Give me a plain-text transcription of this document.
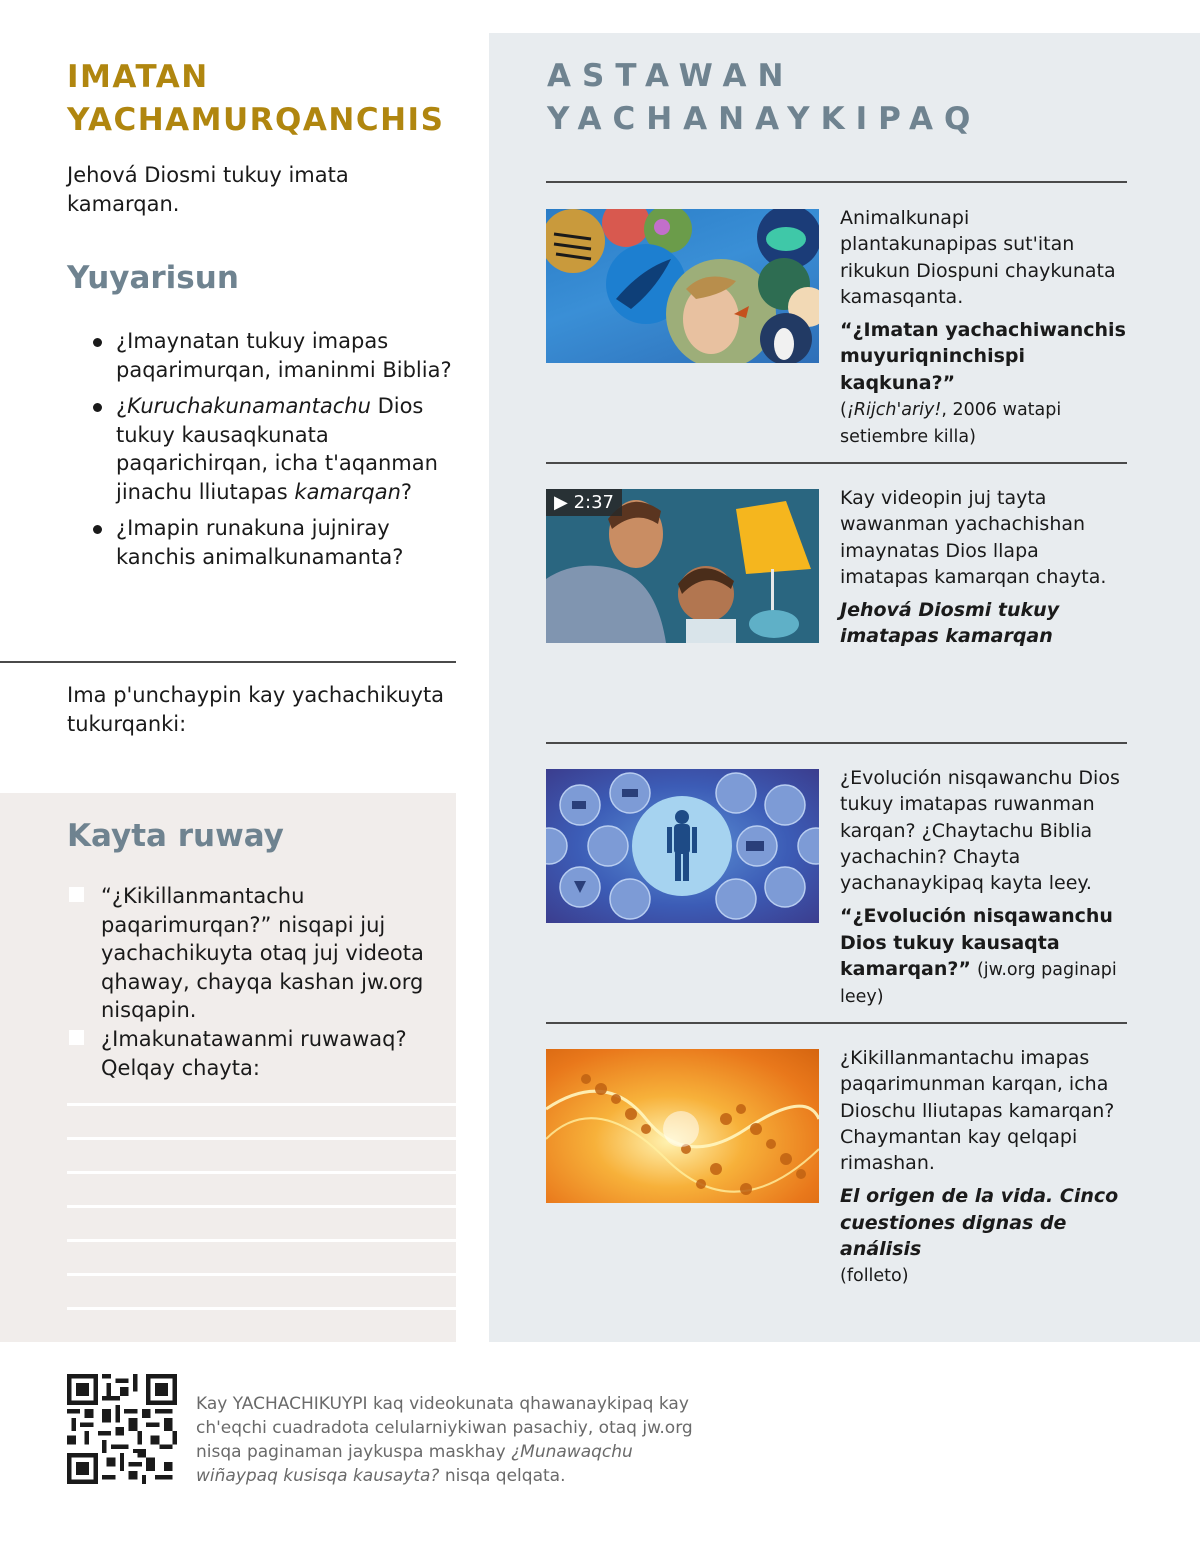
IMATAN
YACHAMURQANCHIS

Jehová Diosmi tukuy imata kamarqan.

Yuyarisun
¿Imaynatan tukuy imapas paqarimurqan, imaninmi Biblia?
¿Kuruchakunamantachu Dios tukuy kausaqkunata paqarichirqan, icha t'aqanman jinachu lliutapas kamarqan?
¿Imapin runakuna jujniray kanchis animalkunamanta?

Ima p'unchaypin kay yachachikuyta tukurqanki:

Kayta ruway
“¿Kikillanmantachu paqarimurqan?” nisqapi juj yachachikuyta otaq juj videota qhaway, chayqa kashan jw.org nisqapin.
¿Imakunatawanmi ruwawaq? Qelqay chayta:
ASTAWAN
YACHANAYKIPAQ
Animalkunapi plantakunapipas sut'itan rikukun Diospuni chaykunata kamasqanta.
“¿Imatan yachachiwanchis muyuriqninchispi kaqkuna?”
(¡Rijch'ariy!, 2006 watapi setiembre killa)
▶ 2:37	Kay videopin juj tayta wawanman yachachishan imaynatas Dios llapa imatapas kamarqan chayta.
Jehová Diosmi tukuy imatapas kamarqan
¿Evolución nisqawanchu Dios tukuy imatapas ruwanman karqan? ¿Chaytachu Biblia yachachin? Chayta yachanaykipaq kayta leey.
“¿Evolución nisqawanchu Dios tukuy kausaqta kamarqan?” (jw.org paginapi leey)
¿Kikillanmantachu imapas paqarimunman karqan, icha Dioschu lliutapas kamarqan? Chaymantan kay qelqapi rimashan.
El origen de la vida. Cinco cuestiones dignas de análisis
(folleto)

Kay YACHACHIKUYPI kaq videokunata qhawanaykipaq kay ch'eqchi cuadradota celularniykiwan pasachiy, otaq jw.org nisqa paginaman jaykuspa maskhay ¿Munawaqchu wiñaypaq kusisqa kausayta? nisqa qelqata.
